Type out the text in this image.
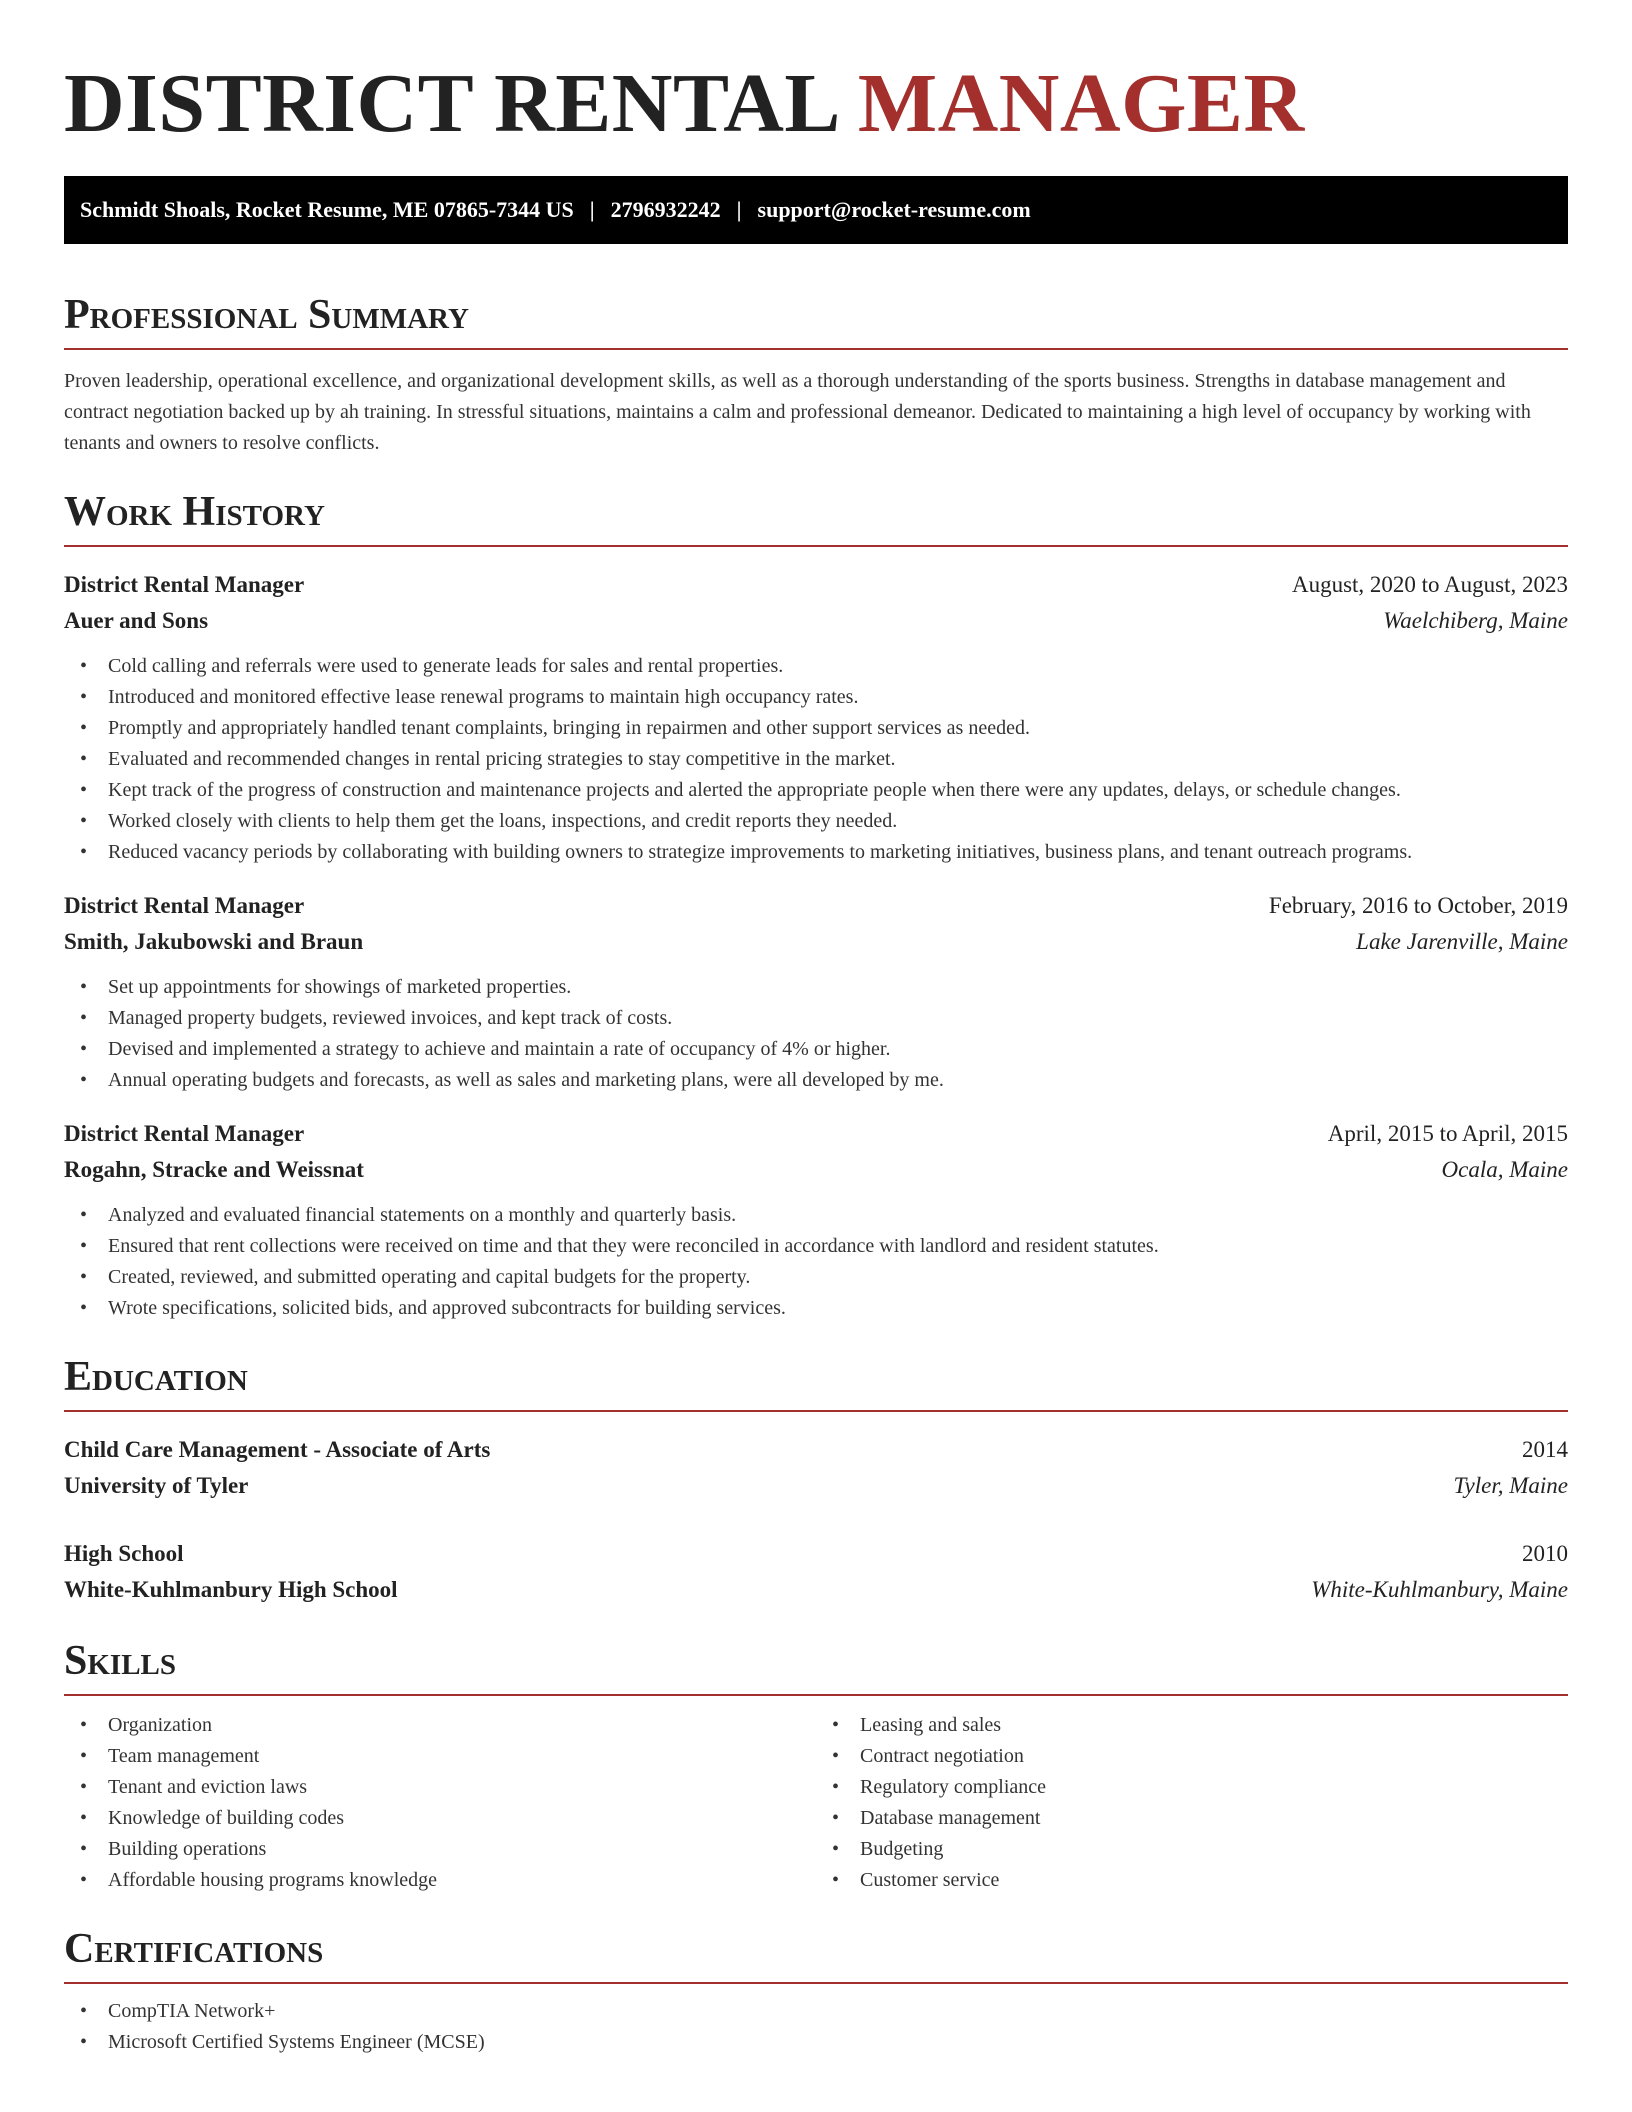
DISTRICT RENTAL MANAGER
Schmidt Shoals, Rocket Resume, ME 07865-7344 US | 2796932242 | support@rocket-resume.com
Professional Summary

Proven leadership, operational excellence, and organizational development skills, as well as a thorough understanding of the sports business. Strengths in database management and contract negotiation backed up by ah training. In stressful situations, maintains a calm and professional demeanor. Dedicated to maintaining a high level of occupancy by working with tenants and owners to resolve conflicts.

Work History
District Rental Manager	August, 2020 to August, 2023
Auer and Sons	Waelchiberg, Maine
• Cold calling and referrals were used to generate leads for sales and rental properties.
• Introduced and monitored effective lease renewal programs to maintain high occupancy rates.
• Promptly and appropriately handled tenant complaints, bringing in repairmen and other support services as needed.
• Evaluated and recommended changes in rental pricing strategies to stay competitive in the market.
• Kept track of the progress of construction and maintenance projects and alerted the appropriate people when there were any updates, delays, or schedule changes.
• Worked closely with clients to help them get the loans, inspections, and credit reports they needed.
• Reduced vacancy periods by collaborating with building owners to strategize improvements to marketing initiatives, business plans, and tenant outreach programs.
District Rental Manager	February, 2016 to October, 2019
Smith, Jakubowski and Braun	Lake Jarenville, Maine
• Set up appointments for showings of marketed properties.
• Managed property budgets, reviewed invoices, and kept track of costs.
• Devised and implemented a strategy to achieve and maintain a rate of occupancy of 4% or higher.
• Annual operating budgets and forecasts, as well as sales and marketing plans, were all developed by me.
District Rental Manager	April, 2015 to April, 2015
Rogahn, Stracke and Weissnat	Ocala, Maine
• Analyzed and evaluated financial statements on a monthly and quarterly basis.
• Ensured that rent collections were received on time and that they were reconciled in accordance with landlord and resident statutes.
• Created, reviewed, and submitted operating and capital budgets for the property.
• Wrote specifications, solicited bids, and approved subcontracts for building services.
Education
Child Care Management - Associate of Arts	2014
University of Tyler	Tyler, Maine
High School	2010
White-Kuhlmanbury High School	White-Kuhlmanbury, Maine
Skills
• Organization
• Team management
• Tenant and eviction laws
• Knowledge of building codes
• Building operations
• Affordable housing programs knowledge
• Leasing and sales
• Contract negotiation
• Regulatory compliance
• Database management
• Budgeting
• Customer service
Certifications
• CompTIA Network+
• Microsoft Certified Systems Engineer (MCSE)
